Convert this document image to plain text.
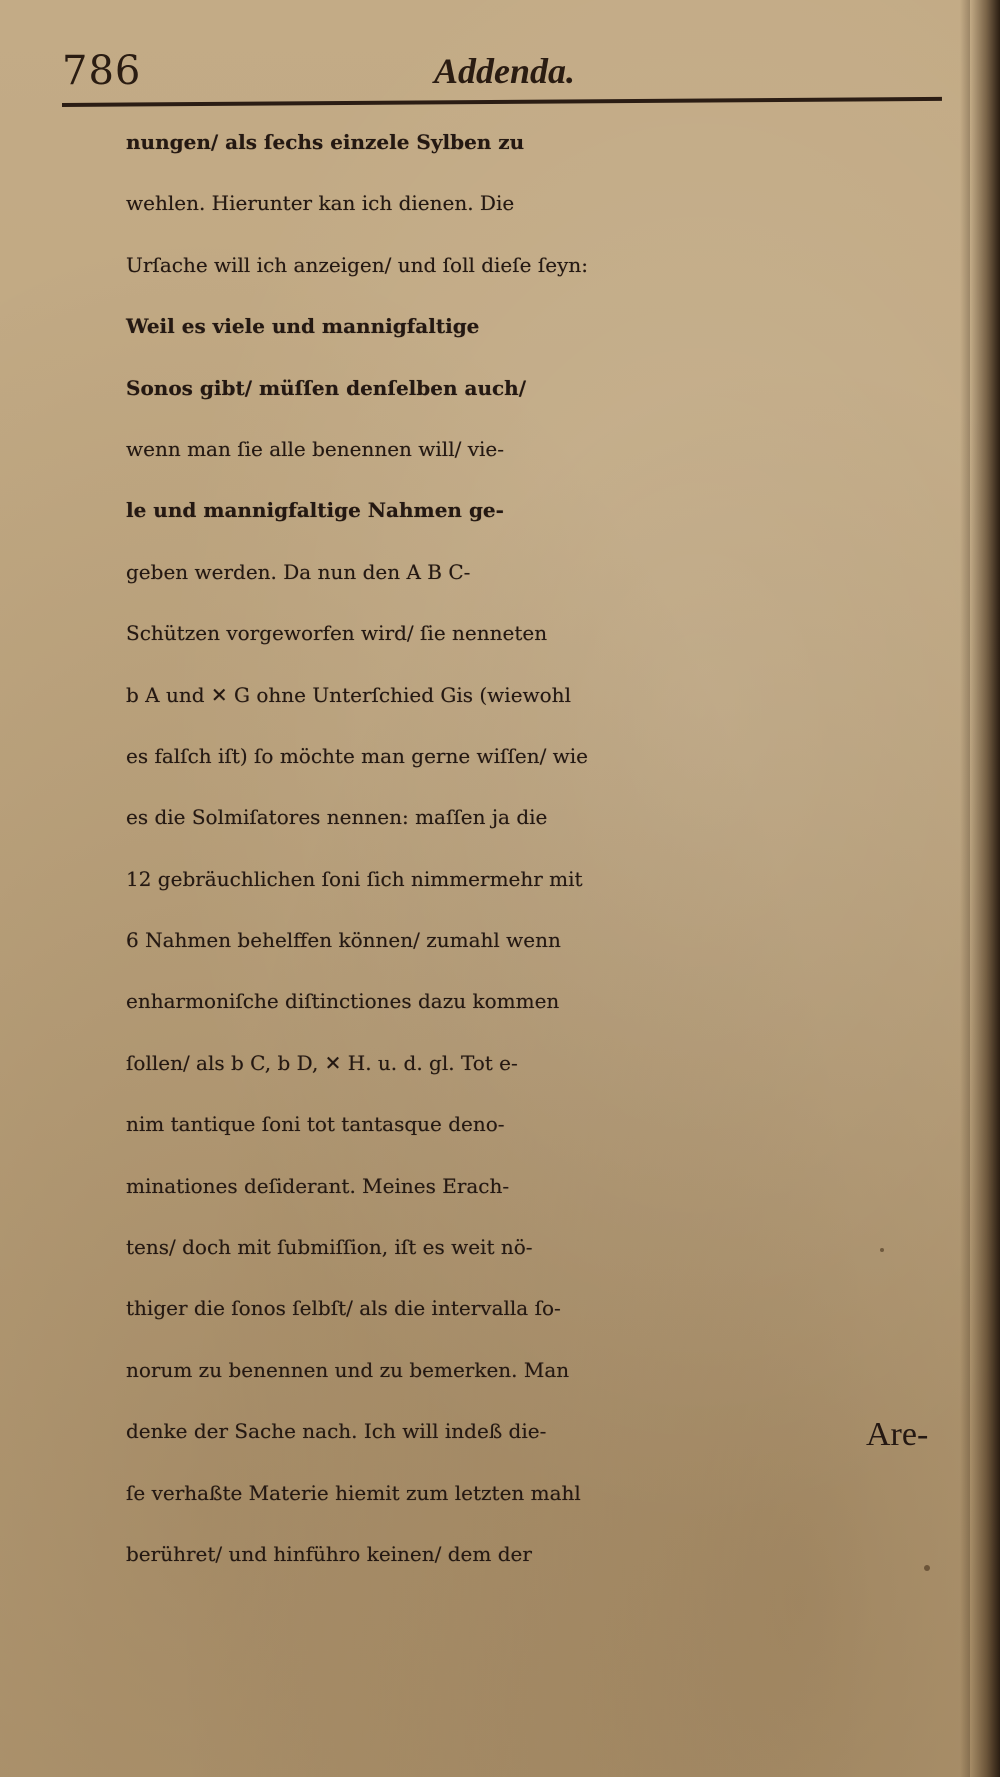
786	Addenda.
nungen/ als ſechs einzele Sylben zu
wehlen. Hierunter kan ich dienen. Die
Urſache will ich anzeigen/ und ſoll dieſe ſeyn:
Weil es viele und mannigfaltige
Sonos gibt/ müſſen denſelben auch/
wenn man ſie alle benennen will/ vie-
le und mannigfaltige Nahmen ge-
geben werden. Da nun den A B C-
Schützen vorgeworfen wird/ ſie nenneten
b A und ✕ G ohne Unterſchied Gis (wiewohl
es falſch iſt) ſo möchte man gerne wiſſen/ wie
es die Solmiſatores nennen: maſſen ja die
12 gebräuchlichen ſoni ſich nimmermehr mit
6 Nahmen behelffen können/ zumahl wenn
enharmoniſche diſtinctiones dazu kommen
ſollen/ als b C, b D, ✕ H. u. d. gl. Tot e-
nim tantique ſoni tot tantasque deno-
minationes deſiderant. Meines Erach-
tens/ doch mit ſubmiſſion, iſt es weit nö-
thiger die ſonos ſelbſt/ als die intervalla ſo-
norum zu benennen und zu bemerken. Man
denke der Sache nach. Ich will indeß die-
ſe verhaßte Materie hiemit zum letzten mahl
berühret/ und hinführo keinen/ dem der
Are-
